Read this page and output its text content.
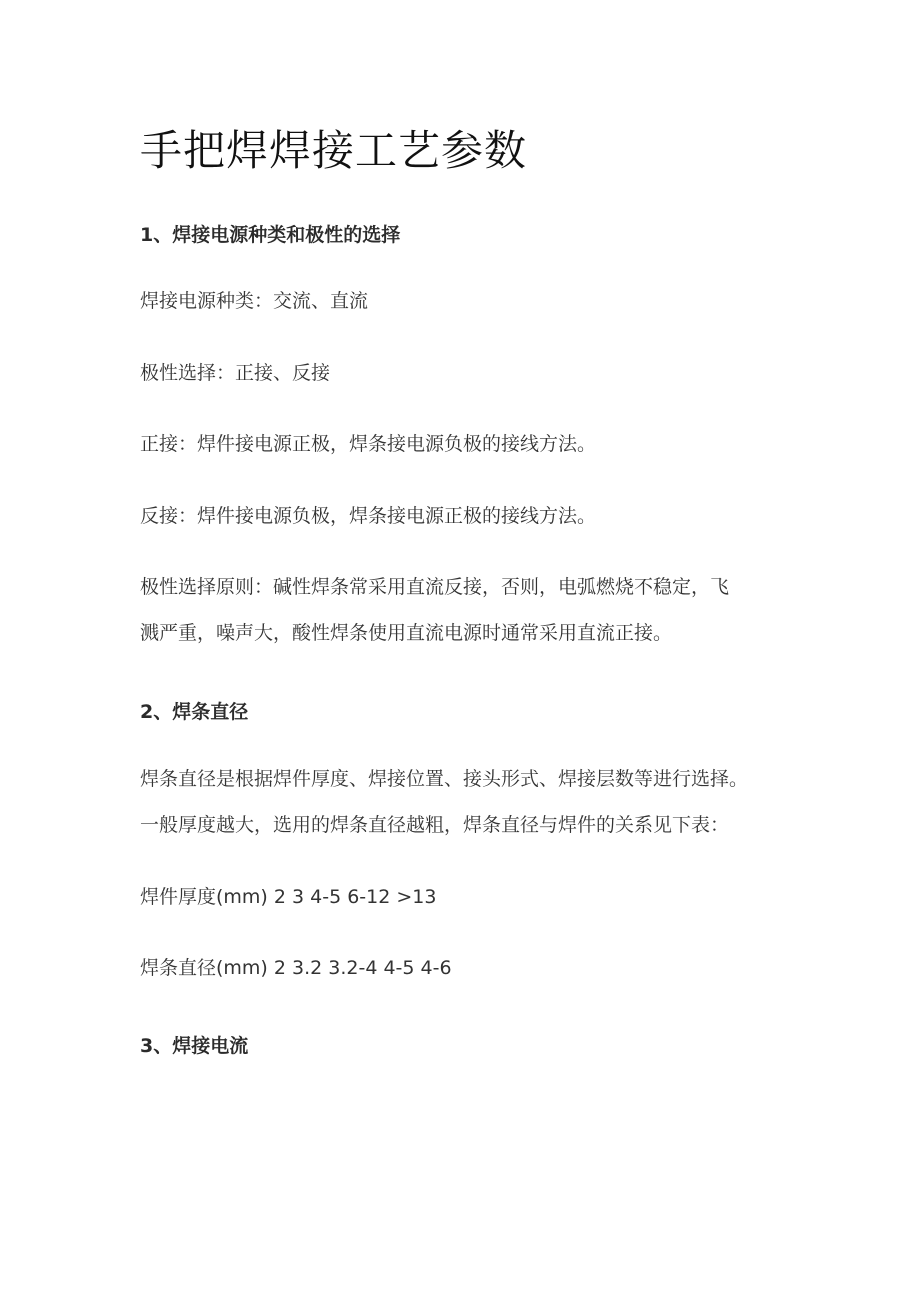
手把焊焊接工艺参数
1、焊接电源种类和极性的选择
焊接电源种类：交流、直流
极性选择：正接、反接
正接：焊件接电源正极，焊条接电源负极的接线方法。
反接：焊件接电源负极，焊条接电源正极的接线方法。
极性选择原则：碱性焊条常采用直流反接，否则，电弧燃烧不稳定，飞
溅严重，噪声大，酸性焊条使用直流电源时通常采用直流正接。
2、焊条直径
焊条直径是根据焊件厚度、焊接位置、接头形式、焊接层数等进行选择。
一般厚度越大，选用的焊条直径越粗，焊条直径与焊件的关系见下表：
焊件厚度(mm) 2 3 4-5 6-12 >13
焊条直径(mm) 2 3.2 3.2-4 4-5 4-6
3、焊接电流
